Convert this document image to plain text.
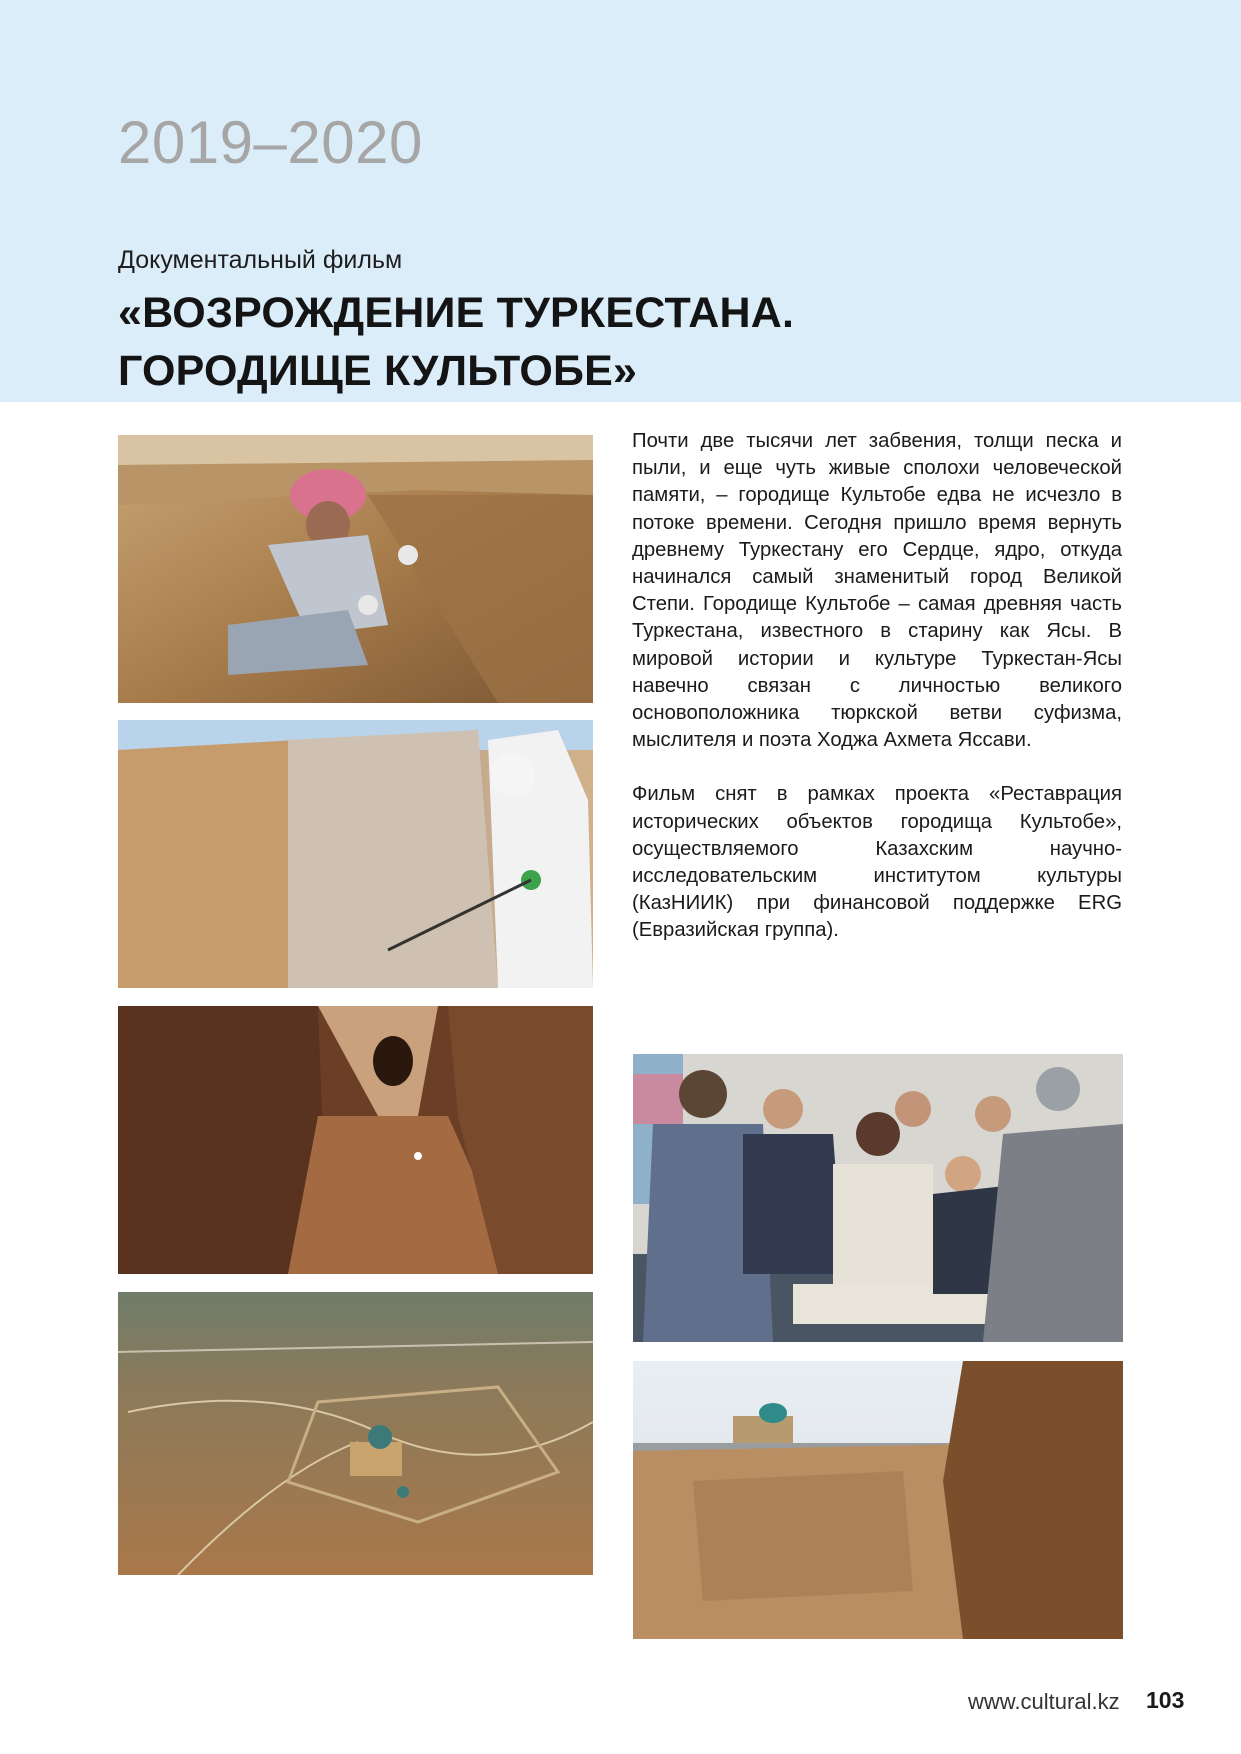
2019–2020
Документальный фильм
«ВОЗРОЖДЕНИЕ ТУРКЕСТАНА.
ГОРОДИЩЕ КУЛЬТОБЕ»

Почти две тысячи лет забвения, толщи песка и пыли, и еще чуть живые сполохи человеческой памяти, – городище Культобе едва не исчезло в потоке времени. Сегодня пришло время вернуть древнему Туркестану его Сердце, ядро, откуда начинался самый знаменитый город Великой Степи. Городище Культобе – самая древняя часть Туркестана, известного в старину как Ясы. В мировой истории и культуре Туркестан-Ясы навечно связан с личностью великого основоположника тюркской ветви суфизма, мыслителя и поэта Ходжа Ахмета Яссави.

Фильм снят в рамках проекта «Реставрация исторических объектов городища Культобе», осуществляемого Казахским научно-исследовательским институтом культуры (КазНИИК) при финансовой поддержке ERG (Евразийская группа).

www.cultural.kz 103
